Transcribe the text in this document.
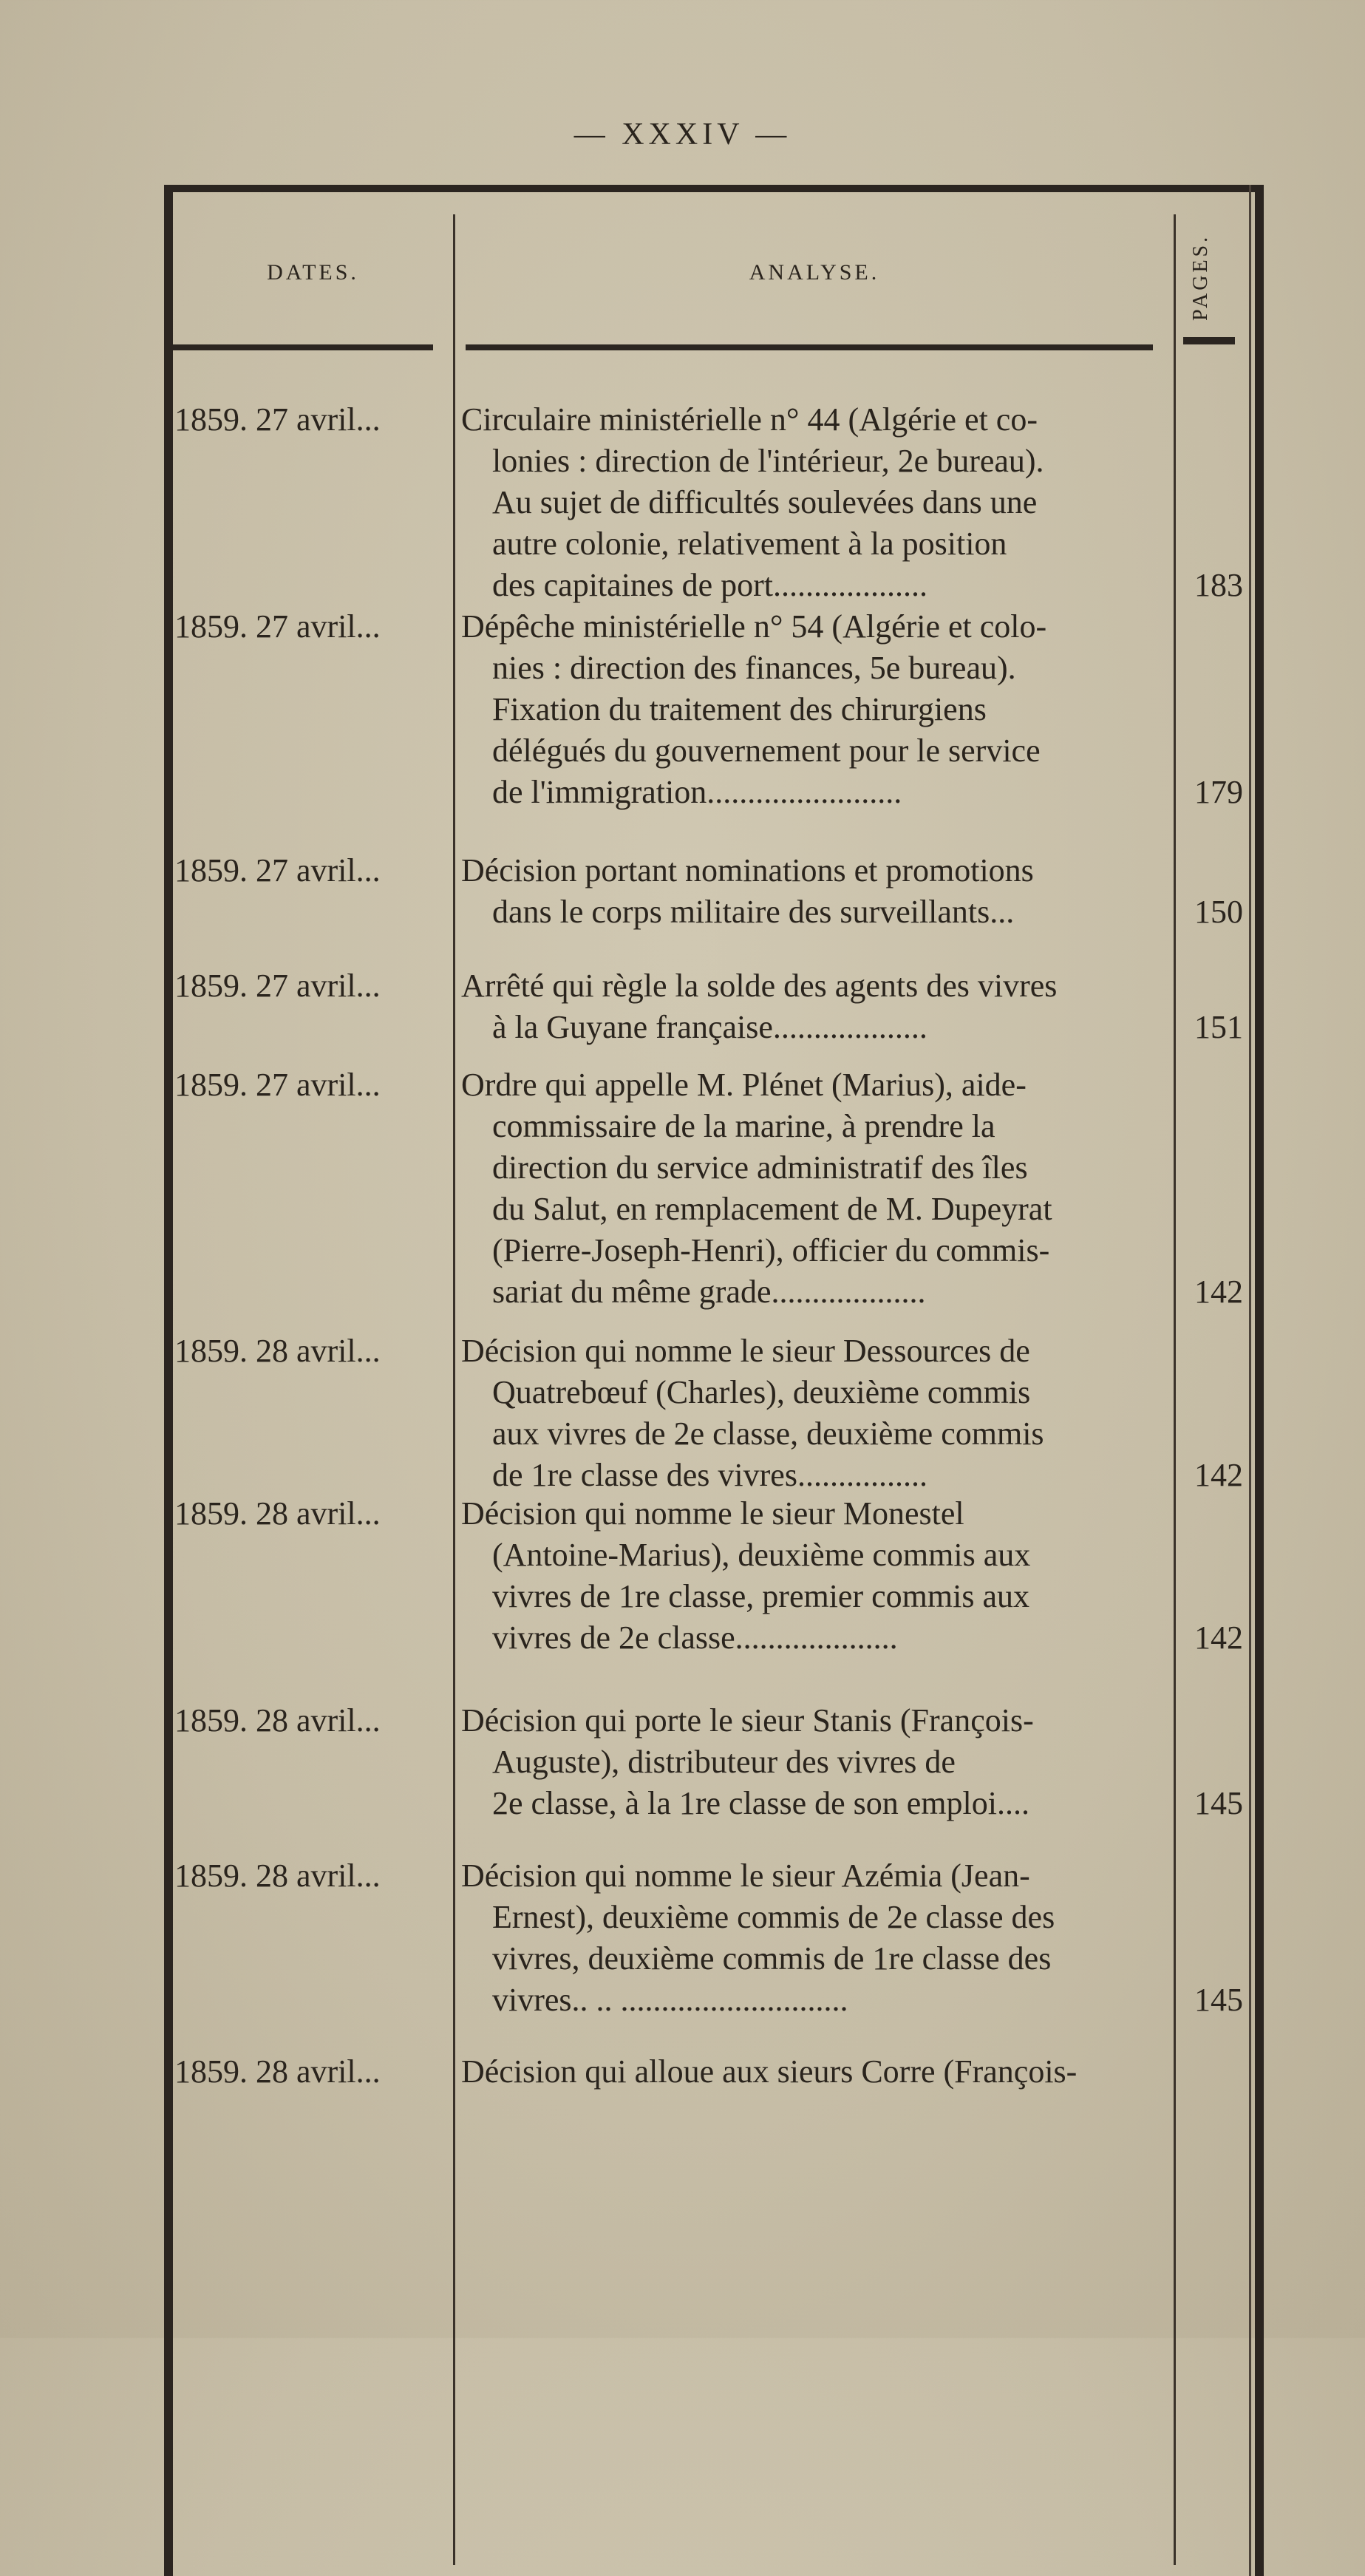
— XXXIV —
DATES.	ANALYSE.	PAGES.
1859. 27 avril...	Circulaire ministérielle n° 44 (Algérie et co-
lonies : direction de l'intérieur, 2e bureau).
Au sujet de difficultés soulevées dans une
autre colonie, relativement à la position
des capitaines de port...................	183
1859. 27 avril...	Dépêche ministérielle n° 54 (Algérie et colo-
nies : direction des finances, 5e bureau).
Fixation du traitement des chirurgiens
délégués du gouvernement pour le service
de l'immigration........................	179
1859. 27 avril...	Décision portant nominations et promotions
dans le corps militaire des surveillants...	150
1859. 27 avril...	Arrêté qui règle la solde des agents des vivres
à la Guyane française...................	151
1859. 27 avril...	Ordre qui appelle M. Plénet (Marius), aide-
commissaire de la marine, à prendre la
direction du service administratif des îles
du Salut, en remplacement de M. Dupeyrat
(Pierre-Joseph-Henri), officier du commis-
sariat du même grade...................	142
1859. 28 avril...	Décision qui nomme le sieur Dessources de
Quatrebœuf (Charles), deuxième commis
aux vivres de 2e classe, deuxième commis
de 1re classe des vivres................	142
1859. 28 avril...	Décision qui nomme le sieur Monestel
(Antoine-Marius), deuxième commis aux
vivres de 1re classe, premier commis aux
vivres de 2e classe....................	142
1859. 28 avril...	Décision qui porte le sieur Stanis (François-
Auguste), distributeur des vivres de
2e classe, à la 1re classe de son emploi....	145
1859. 28 avril...	Décision qui nomme le sieur Azémia (Jean-
Ernest), deuxième commis de 2e classe des
vivres, deuxième commis de 1re classe des
vivres.. .. ............................	145
1859. 28 avril...	Décision qui alloue aux sieurs Corre (François-
